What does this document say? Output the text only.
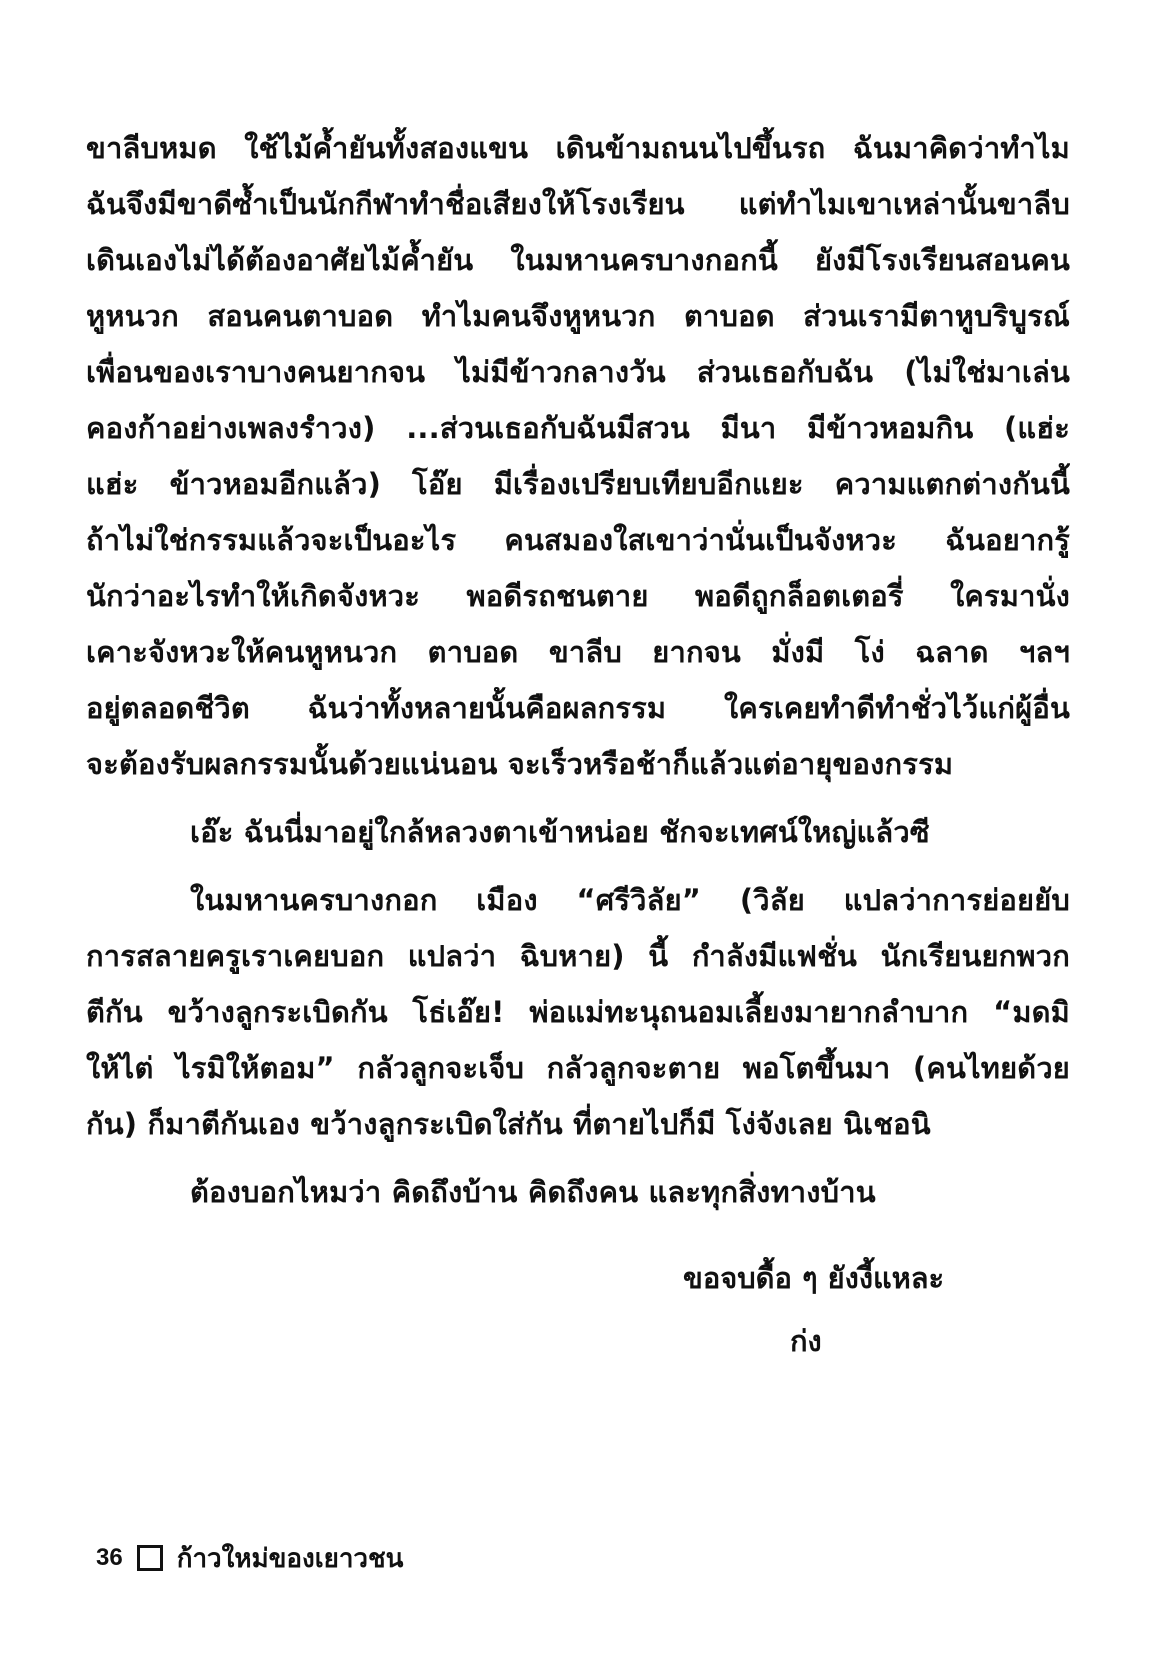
ขาลีบหมด ใช้ไม้ค้ำยันทั้งสองแขน เดินข้ามถนนไปขึ้นรถ ฉันมาคิดว่าทำไม
ฉันจึงมีขาดีซ้ำเป็นนักกีฬาทำชื่อเสียงให้โรงเรียน แต่ทำไมเขาเหล่านั้นขาลีบ
เดินเองไม่ได้ต้องอาศัยไม้ค้ำยัน ในมหานครบางกอกนี้ ยังมีโรงเรียนสอนคน
หูหนวก สอนคนตาบอด ทำไมคนจึงหูหนวก ตาบอด ส่วนเรามีตาหูบริบูรณ์
เพื่อนของเราบางคนยากจน ไม่มีข้าวกลางวัน ส่วนเธอกับฉัน (ไม่ใช่มาเล่น
คองก้าอย่างเพลงรำวง) ...ส่วนเธอกับฉันมีสวน มีนา มีข้าวหอมกิน (แฮ่ะ
แฮ่ะ ข้าวหอมอีกแล้ว) โอ๊ย มีเรื่องเปรียบเทียบอีกแยะ ความแตกต่างกันนี้
ถ้าไม่ใช่กรรมแล้วจะเป็นอะไร คนสมองใสเขาว่านั่นเป็นจังหวะ ฉันอยากรู้
นักว่าอะไรทำให้เกิดจังหวะ พอดีรถชนตาย พอดีถูกล็อตเตอรี่ ใครมานั่ง
เคาะจังหวะให้คนหูหนวก ตาบอด ขาลีบ ยากจน มั่งมี โง่ ฉลาด ฯลฯ
อยู่ตลอดชีวิต ฉันว่าทั้งหลายนั้นคือผลกรรม ใครเคยทำดีทำชั่วไว้แก่ผู้อื่น
จะต้องรับผลกรรมนั้นด้วยแน่นอน จะเร็วหรือช้าก็แล้วแต่อายุของกรรม
เอ๊ะ ฉันนี่มาอยู่ใกล้หลวงตาเข้าหน่อย ชักจะเทศน์ใหญ่แล้วซี
ในมหานครบางกอก เมือง “ศรีวิลัย” (วิลัย แปลว่าการย่อยยับ
การสลายครูเราเคยบอก แปลว่า ฉิบหาย) นี้ กำลังมีแฟชั่น นักเรียนยกพวก
ตีกัน ขว้างลูกระเบิดกัน โธ่เอ๊ย! พ่อแม่ทะนุถนอมเลี้ยงมายากลำบาก “มดมิ
ให้ไต่ ไรมิให้ตอม” กลัวลูกจะเจ็บ กลัวลูกจะตาย พอโตขึ้นมา (คนไทยด้วย
กัน) ก็มาตีกันเอง ขว้างลูกระเบิดใส่กัน ที่ตายไปก็มี โง่จังเลย นิเชอนิ
ต้องบอกไหมว่า คิดถึงบ้าน คิดถึงคน และทุกสิ่งทางบ้าน
ขอจบดื้อ ๆ ยังงี้แหละ
ก่ง
36 ก้าวใหม่ของเยาวชน
